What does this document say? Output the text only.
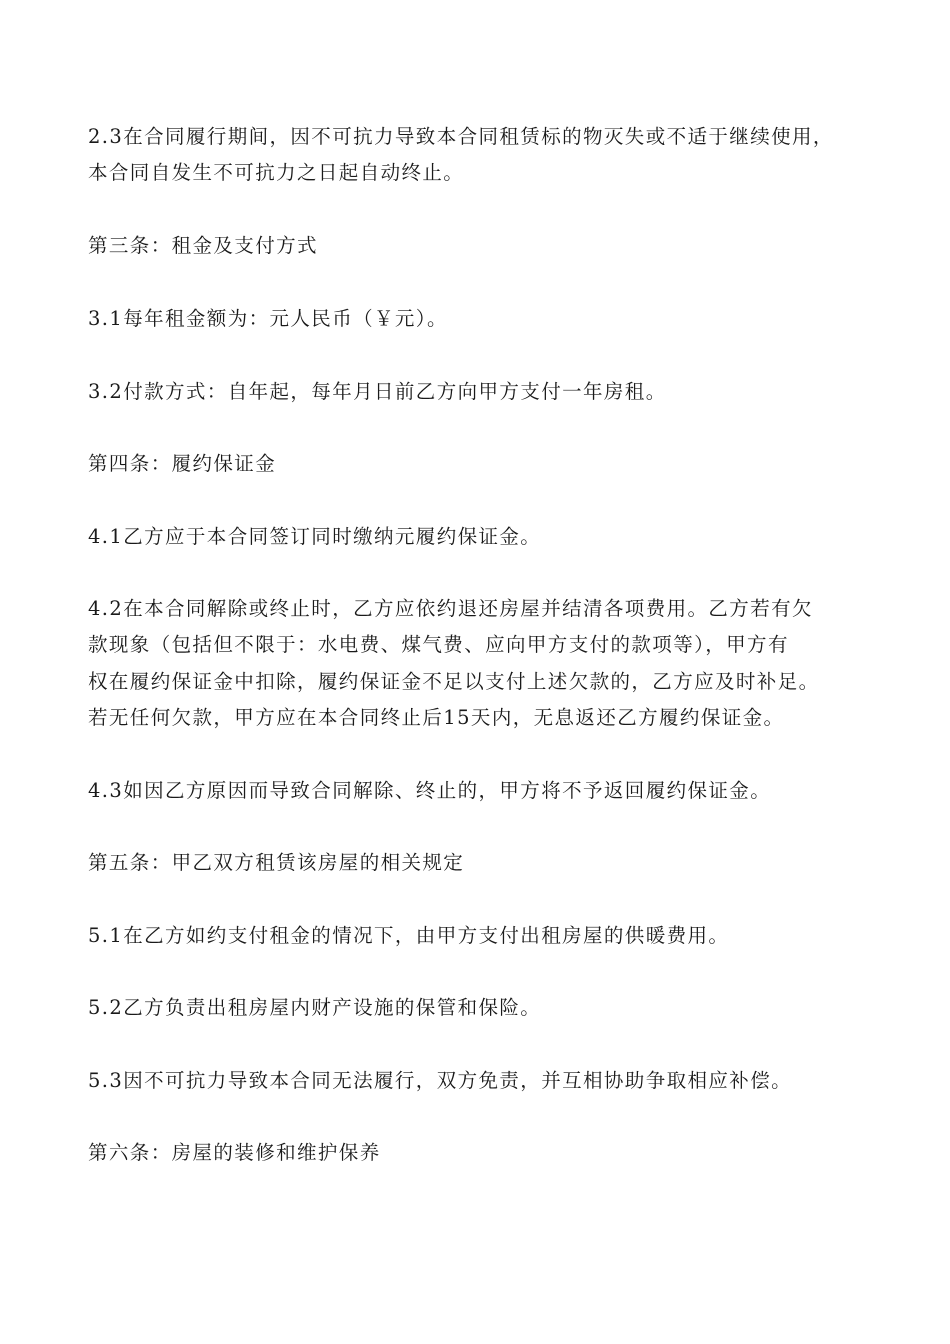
2.3在合同履行期间，因不可抗力导致本合同租赁标的物灭失或不适于继续使用，

本合同自发生不可抗力之日起自动终止。

第三条：租金及支付方式

3.1每年租金额为：元人民币（￥元）。

3.2付款方式：自年起，每年月日前乙方向甲方支付一年房租。

第四条：履约保证金

4.1乙方应于本合同签订同时缴纳元履约保证金。

4.2在本合同解除或终止时，乙方应依约退还房屋并结清各项费用。乙方若有欠

款现象（包括但不限于：水电费、煤气费、应向甲方支付的款项等），甲方有

权在履约保证金中扣除，履约保证金不足以支付上述欠款的，乙方应及时补足。

若无任何欠款，甲方应在本合同终止后15天内，无息返还乙方履约保证金。

4.3如因乙方原因而导致合同解除、终止的，甲方将不予返回履约保证金。

第五条：甲乙双方租赁该房屋的相关规定

5.1在乙方如约支付租金的情况下，由甲方支付出租房屋的供暖费用。

5.2乙方负责出租房屋内财产设施的保管和保险。

5.3因不可抗力导致本合同无法履行，双方免责，并互相协助争取相应补偿。

第六条：房屋的装修和维护保养
